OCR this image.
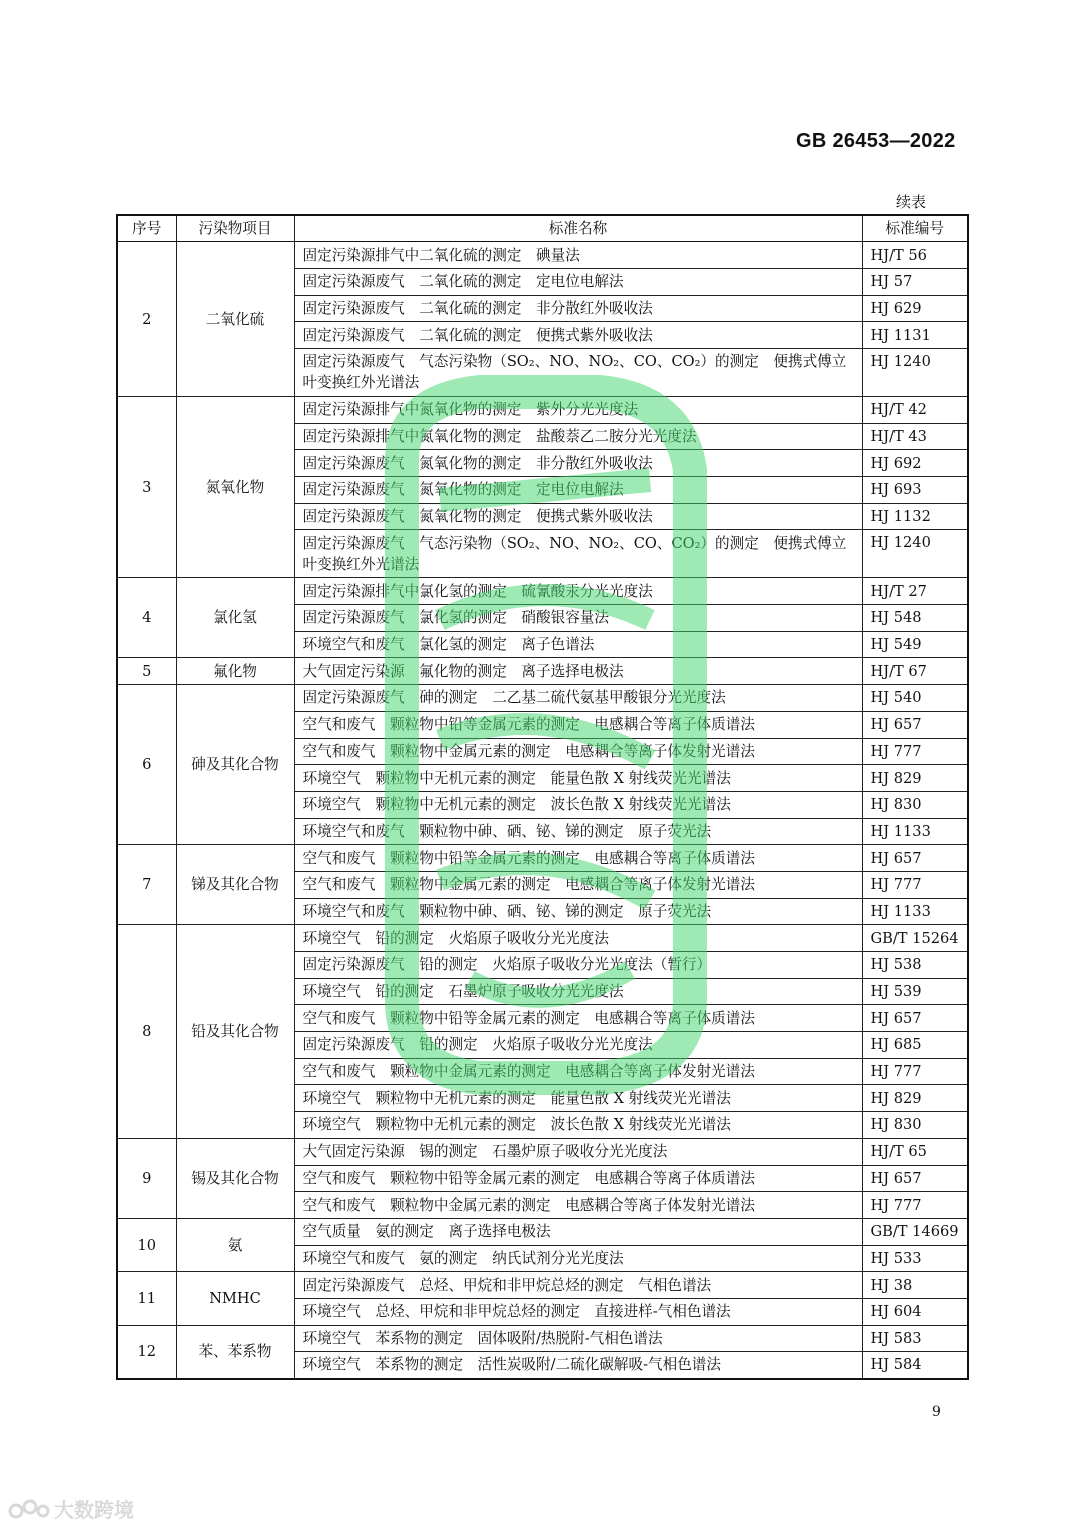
GB 26453—2022
续表
序号	污染物项目	标准名称	标准编号
2	二氧化硫	固定污染源排气中二氧化硫的测定　碘量法	HJ/T 56
		固定污染源废气　二氧化硫的测定　定电位电解法	HJ 57
		固定污染源废气　二氧化硫的测定　非分散红外吸收法	HJ 629
		固定污染源废气　二氧化硫的测定　便携式紫外吸收法	HJ 1131
		固定污染源废气　气态污染物（SO₂、NO、NO₂、CO、CO₂）的测定　便携式傅立叶变换红外光谱法	HJ 1240
3	氮氧化物	固定污染源排气中氮氧化物的测定　紫外分光光度法	HJ/T 42
		固定污染源排气中氮氧化物的测定　盐酸萘乙二胺分光光度法	HJ/T 43
		固定污染源废气　氮氧化物的测定　非分散红外吸收法	HJ 692
		固定污染源废气　氮氧化物的测定　定电位电解法	HJ 693
		固定污染源废气　氮氧化物的测定　便携式紫外吸收法	HJ 1132
		固定污染源废气　气态污染物（SO₂、NO、NO₂、CO、CO₂）的测定　便携式傅立叶变换红外光谱法	HJ 1240
4	氯化氢	固定污染源排气中氯化氢的测定　硫氰酸汞分光光度法	HJ/T 27
		固定污染源废气　氯化氢的测定　硝酸银容量法	HJ 548
		环境空气和废气　氯化氢的测定　离子色谱法	HJ 549
5	氟化物	大气固定污染源　氟化物的测定　离子选择电极法	HJ/T 67
6	砷及其化合物	固定污染源废气　砷的测定　二乙基二硫代氨基甲酸银分光光度法	HJ 540
		空气和废气　颗粒物中铅等金属元素的测定　电感耦合等离子体质谱法	HJ 657
		空气和废气　颗粒物中金属元素的测定　电感耦合等离子体发射光谱法	HJ 777
		环境空气　颗粒物中无机元素的测定　能量色散 X 射线荧光光谱法	HJ 829
		环境空气　颗粒物中无机元素的测定　波长色散 X 射线荧光光谱法	HJ 830
		环境空气和废气　颗粒物中砷、硒、铋、锑的测定　原子荧光法	HJ 1133
7	锑及其化合物	空气和废气　颗粒物中铅等金属元素的测定　电感耦合等离子体质谱法	HJ 657
		空气和废气　颗粒物中金属元素的测定　电感耦合等离子体发射光谱法	HJ 777
		环境空气和废气　颗粒物中砷、硒、铋、锑的测定　原子荧光法	HJ 1133
8	铅及其化合物	环境空气　铅的测定　火焰原子吸收分光光度法	GB/T 15264
		固定污染源废气　铅的测定　火焰原子吸收分光光度法（暂行）	HJ 538
		环境空气　铅的测定　石墨炉原子吸收分光光度法	HJ 539
		空气和废气　颗粒物中铅等金属元素的测定　电感耦合等离子体质谱法	HJ 657
		固定污染源废气　铅的测定　火焰原子吸收分光光度法	HJ 685
		空气和废气　颗粒物中金属元素的测定　电感耦合等离子体发射光谱法	HJ 777
		环境空气　颗粒物中无机元素的测定　能量色散 X 射线荧光光谱法	HJ 829
		环境空气　颗粒物中无机元素的测定　波长色散 X 射线荧光光谱法	HJ 830
9	锡及其化合物	大气固定污染源　锡的测定　石墨炉原子吸收分光光度法	HJ/T 65
		空气和废气　颗粒物中铅等金属元素的测定　电感耦合等离子体质谱法	HJ 657
		空气和废气　颗粒物中金属元素的测定　电感耦合等离子体发射光谱法	HJ 777
10	氨	空气质量　氨的测定　离子选择电极法	GB/T 14669
		环境空气和废气　氨的测定　纳氏试剂分光光度法	HJ 533
11	NMHC	固定污染源废气　总烃、甲烷和非甲烷总烃的测定　气相色谱法	HJ 38
		环境空气　总烃、甲烷和非甲烷总烃的测定　直接进样-气相色谱法	HJ 604
12	苯、苯系物	环境空气　苯系物的测定　固体吸附/热脱附-气相色谱法	HJ 583
		环境空气　苯系物的测定　活性炭吸附/二硫化碳解吸-气相色谱法	HJ 584
9
大数跨境
